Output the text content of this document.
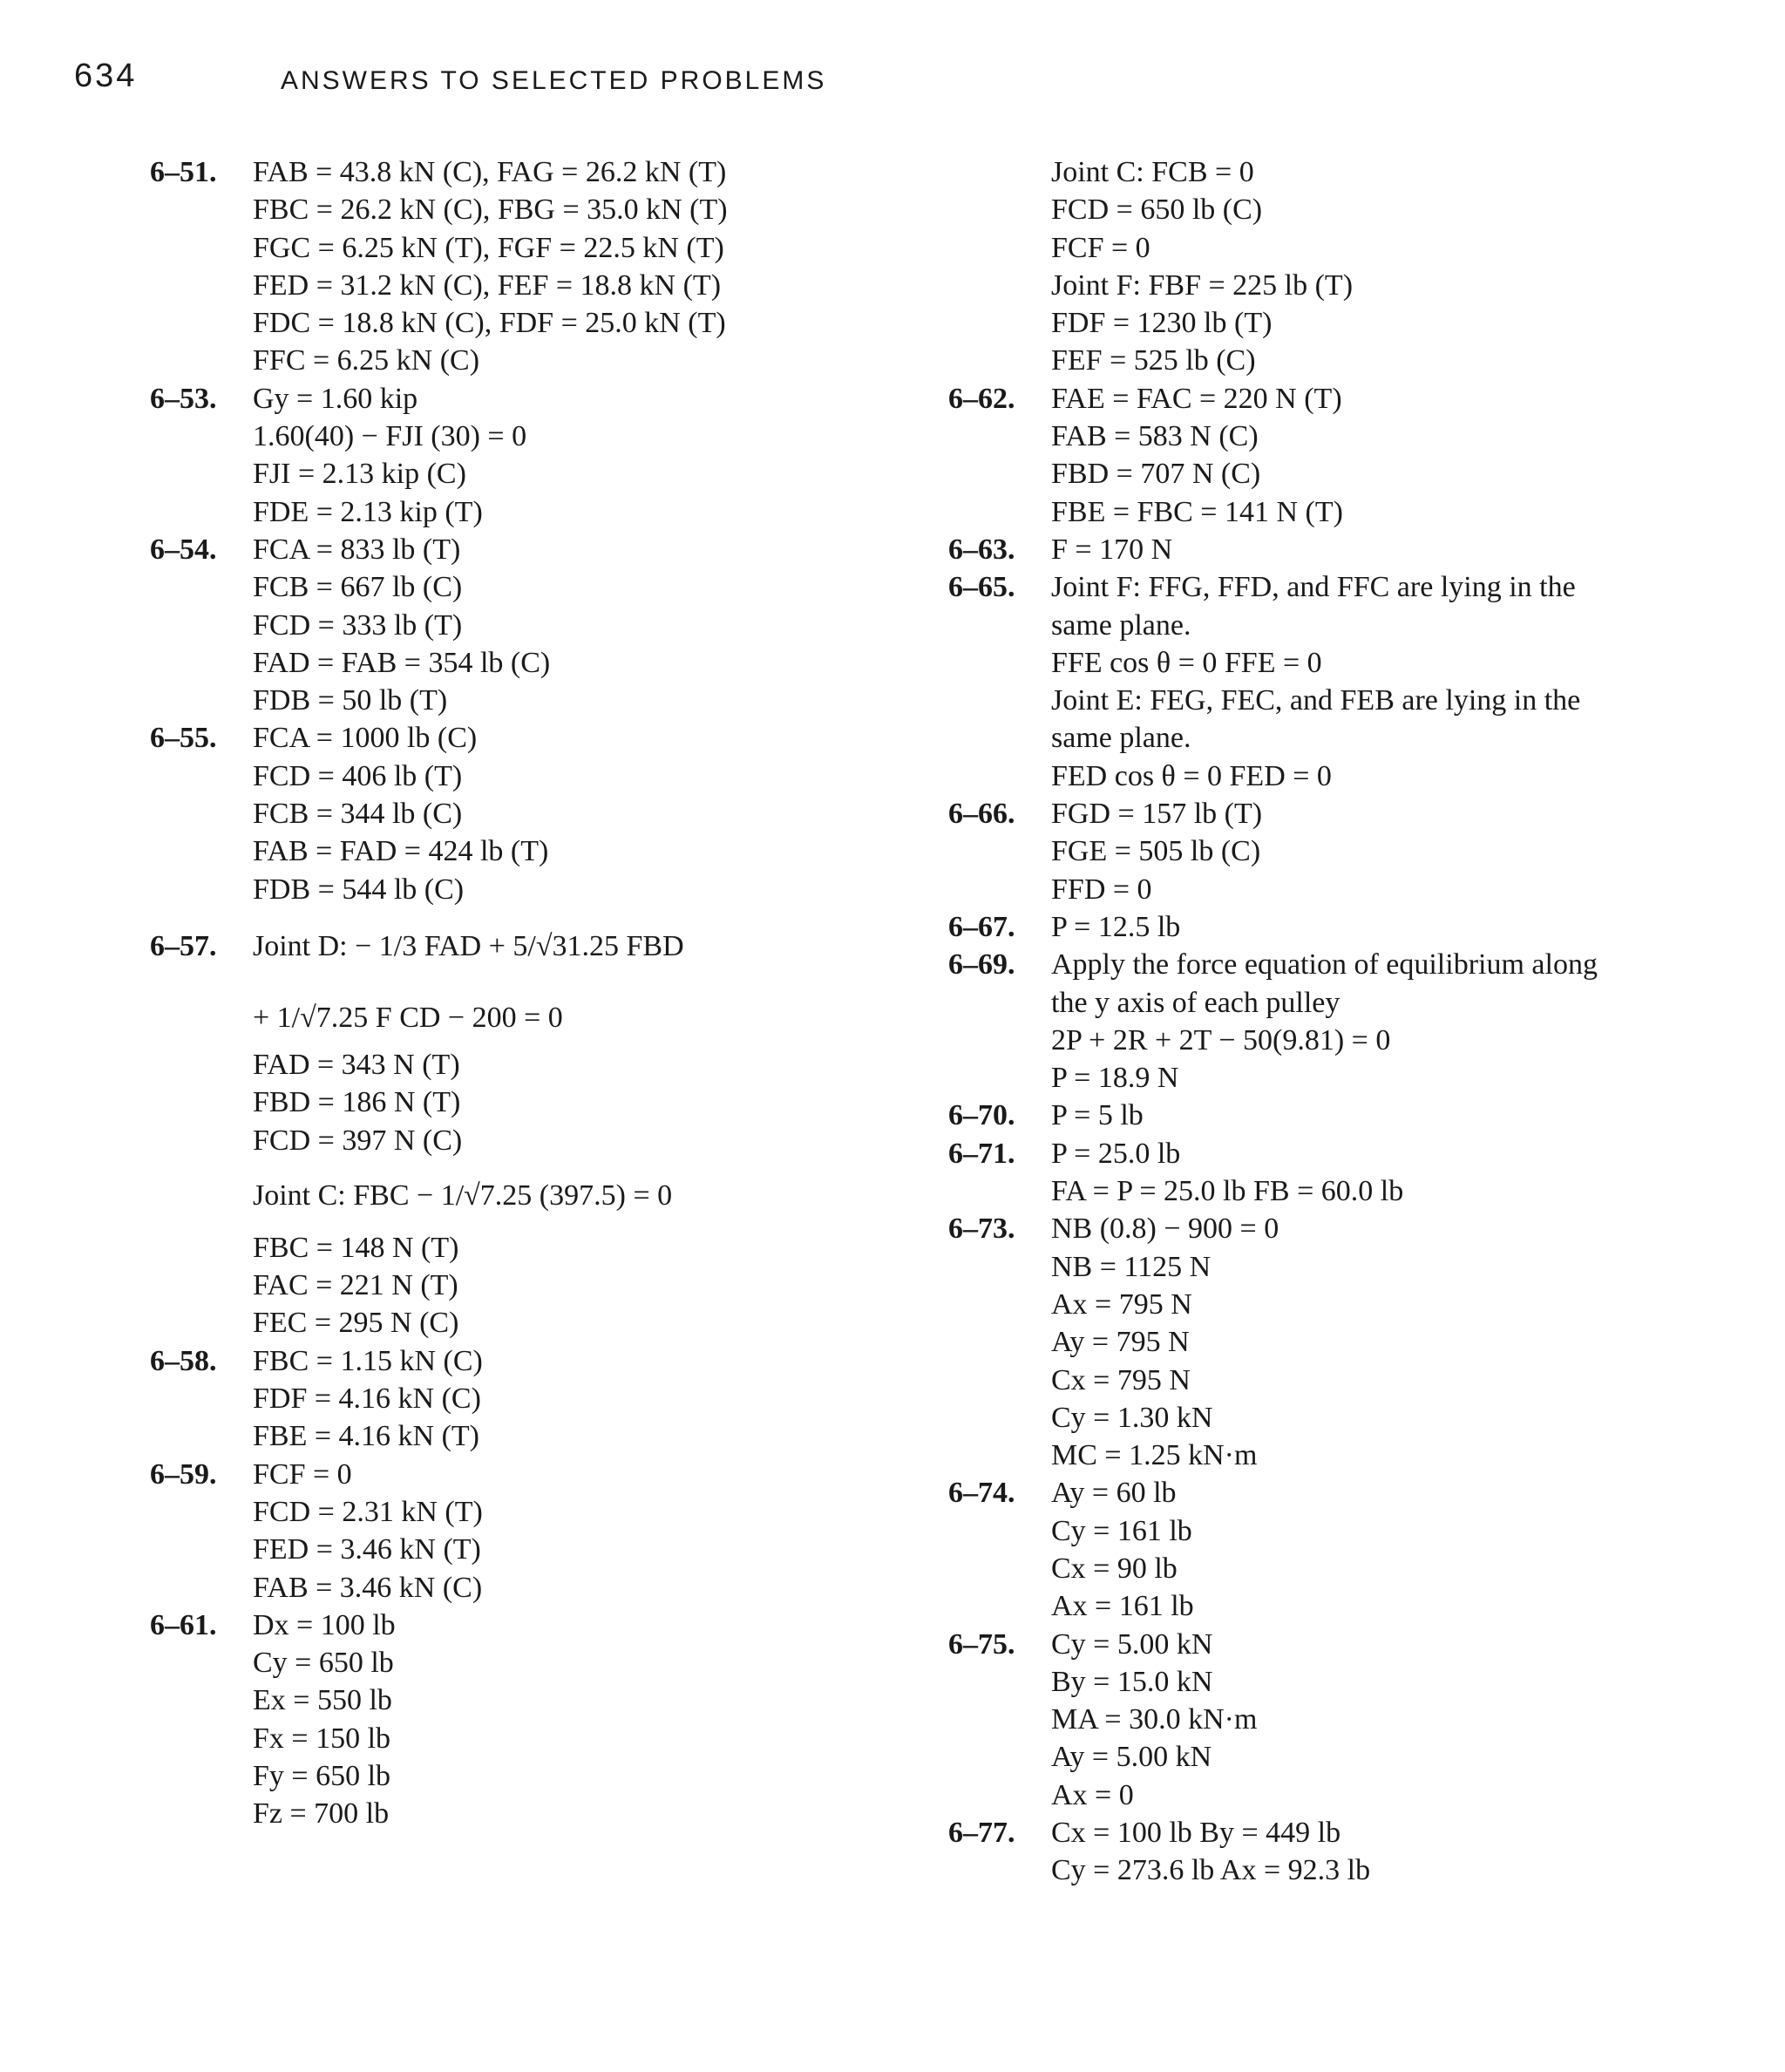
634	ANSWERS TO SELECTED PROBLEMS
6–51. FAB = 43.8 kN (C), FAG = 26.2 kN (T)
FBC = 26.2 kN (C), FBG = 35.0 kN (T)
FGC = 6.25 kN (T), FGF = 22.5 kN (T)
FED = 31.2 kN (C), FEF = 18.8 kN (T)
FDC = 18.8 kN (C), FDF = 25.0 kN (T)
FFC = 6.25 kN (C)
6–53. Gy = 1.60 kip
1.60(40) − FJI (30) = 0
FJI = 2.13 kip (C)
FDE = 2.13 kip (T)
6–54. FCA = 833 lb (T)
FCB = 667 lb (C)
FCD = 333 lb (T)
FAD = FAB = 354 lb (C)
FDB = 50 lb (T)
6–55. FCA = 1000 lb (C)
FCD = 406 lb (T)
FCB = 344 lb (C)
FAB = FAD = 424 lb (T)
FDB = 544 lb (C)
6–57. Joint D: − 1/3 FAD + 5/√31.25 FBD
+ 1/√7.25 F CD − 200 = 0
FAD = 343 N (T)
FBD = 186 N (T)
FCD = 397 N (C)
Joint C: FBC − 1/√7.25 (397.5) = 0
FBC = 148 N (T)
FAC = 221 N (T)
FEC = 295 N (C)
6–58. FBC = 1.15 kN (C)
FDF = 4.16 kN (C)
FBE = 4.16 kN (T)
6–59. FCF = 0
FCD = 2.31 kN (T)
FED = 3.46 kN (T)
FAB = 3.46 kN (C)
6–61. Dx = 100 lb
Cy = 650 lb
Ex = 550 lb
Fx = 150 lb
Fy = 650 lb
Fz = 700 lb
Joint C: FCB = 0
FCD = 650 lb (C)
FCF = 0
Joint F: FBF = 225 lb (T)
FDF = 1230 lb (T)
FEF = 525 lb (C)
6–62. FAE = FAC = 220 N (T)
FAB = 583 N (C)
FBD = 707 N (C)
FBE = FBC = 141 N (T)
6–63. F = 170 N
6–65. Joint F: FFG, FFD, and FFC are lying in the
same plane.
FFE cos θ = 0 FFE = 0
Joint E: FEG, FEC, and FEB are lying in the
same plane.
FED cos θ = 0 FED = 0
6–66. FGD = 157 lb (T)
FGE = 505 lb (C)
FFD = 0
6–67. P = 12.5 lb
6–69. Apply the force equation of equilibrium along
the y axis of each pulley
2P + 2R + 2T − 50(9.81) = 0
P = 18.9 N
6–70. P = 5 lb
6–71. P = 25.0 lb
FA = P = 25.0 lb FB = 60.0 lb
6–73. NB (0.8) − 900 = 0
NB = 1125 N
Ax = 795 N
Ay = 795 N
Cx = 795 N
Cy = 1.30 kN
MC = 1.25 kN·m
6–74. Ay = 60 lb
Cy = 161 lb
Cx = 90 lb
Ax = 161 lb
6–75. Cy = 5.00 kN
By = 15.0 kN
MA = 30.0 kN·m
Ay = 5.00 kN
Ax = 0
6–77. Cx = 100 lb By = 449 lb
Cy = 273.6 lb Ax = 92.3 lb
